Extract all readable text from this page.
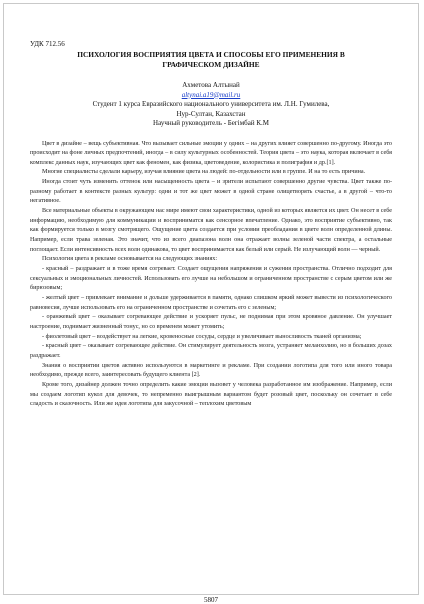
УДК 712.56
ПСИХОЛОГИЯ ВОСПРИЯТИЯ ЦВЕТА И СПОСОБЫ ЕГО ПРИМЕНЕНИЯ В
ГРАФИЧЕСКОМ ДИЗАЙНЕ
Ахметова Алтынай
altynai.a19@mail.ru
Студент 1 курса Евразийского национального университета им. Л.Н. Гумилева,
Нур-Султан, Казахстан
Научный руководитель - Бегімбай К.М

Цвет в дизайне – вещь субъективная. Что вызывает сильные эмоции у одних – на других влияет совершенно по-другому. Иногда это происходит на фоне личных предпочтений, иногда – в силу культурных особенностей. Теория цвета – это наука, которая включает в себя комплекс данных наук, изучающих цвет как феномен, как физика, цветоведение, колористика и полиграфия и др.[1].

Многие специалисты сделали карьеру, изучая влияние цвета на людей: по-отдельности или в группе. И на то есть причина.

Иногда стоит чуть изменить оттенок или насыщенность цвета – и зрители испытают совершенно другие чувства. Цвет также по-разному работает в контексте разных культур: одни и тот же цвет может в одной стране олицетворять счастье, а в другой – что-то негативное.

Все материальные объекты в окружающем нас мире имеют свои характеристики, одной из которых является их цвет. Он несет в себе информацию, необходимую для коммуникации и восприниматся как сенсорное впечатление. Однако, это восприятие субъективно, так как формируется только в мозгу смотрящего. Ощущение цвета создается при условии преобладания в цвете волн определенной длины. Например, если трава зеленая. Это значит, что из всего диапазона волн она отражает волны зеленой части спектра, а остальные поглощает. Если интенсивность всех волн одинакова, то цвет воспринимается как белый или серый. Не излучающий волн — черный.

Психология цвета в рекламе основывается на следующих знаниях:

- красный – раздражает и в тоже время согревает. Создает ощущения напряжения и сужения пространства. Отлично подходит для сексуальных и эмоциональных личностей. Использовать его лучше на небольшом и ограниченном пространстве с серым цветом или же бирюзовым;

- желтый цвет – привлекает внимание и дольше удерживается в памяти, однако слишком яркий может вывести из психологического равновесия, лучше использовать его на ограниченном пространстве и сочетать его с зеленым;

- оранжевый цвет – оказывает согревающее действие и ускоряет пульс, не поднимая при этом кровяное давление. Он улучшает настроение, поднимает жизненный тонус, но со временем может утомить;

- фиолетовый цвет – воздействует на легкие, кровеносные сосуды, сердце и увеличивает выносливость тканей организма;

- красный цвет – оказывает согревающее действие. Он стимулирует деятельность мозга, устраняет меланхолию, но в больших дозах раздражает.

Знания о восприятии цветов активно используются в маркетинге и рекламе. При создании логотипа для того или иного товара необходимо, прежде всего, заинтересовать будущего клиента [2].

Кроме того, дизайнер должен точно определить какие эмоции вызовет у человека разработанное им изображение. Например, если мы создаем логотип кукол для девочек, то непременно выигрышным вариантом будет розовый цвет, поскольку он сочетает в себе сладость и сказочность. Или же идея логотипа для закусочной – теплохим цветовым

5807
